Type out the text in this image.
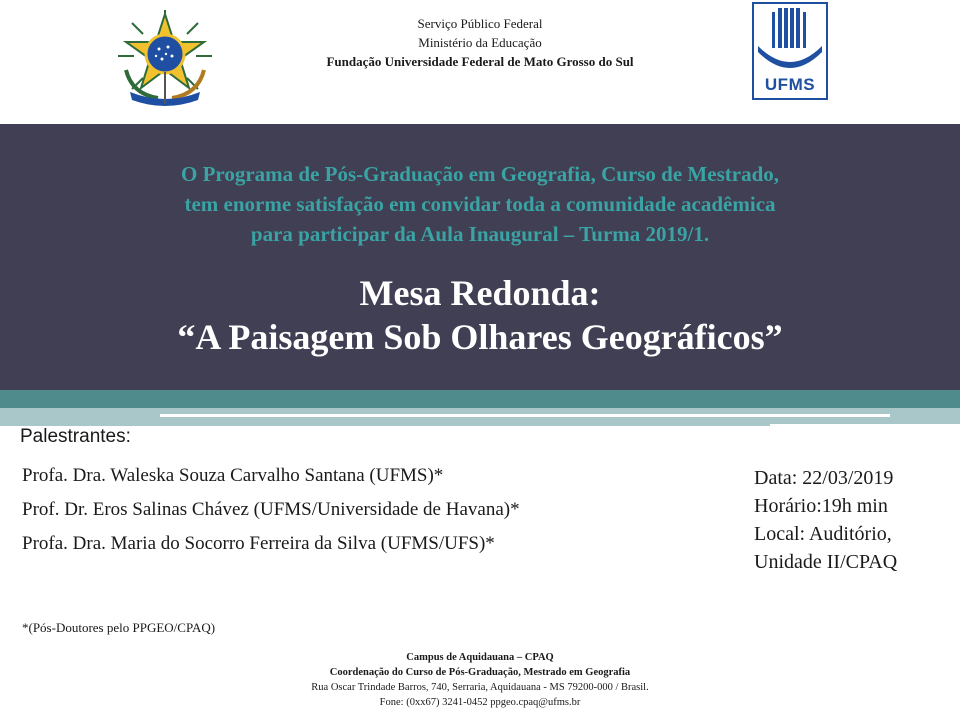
Serviço Público Federal
Ministério da Educação
Fundação Universidade Federal de Mato Grosso do Sul
UFMS
O Programa de Pós-Graduação em Geografia, Curso de Mestrado,
tem enorme satisfação em convidar toda a comunidade acadêmica
para participar da Aula Inaugural – Turma 2019/1.
Mesa Redonda:
“A Paisagem Sob Olhares Geográficos”
Palestrantes:
Profa. Dra. Waleska Souza Carvalho Santana (UFMS)*
Prof. Dr. Eros Salinas Chávez (UFMS/Universidade de Havana)*
Profa. Dra. Maria do Socorro Ferreira da Silva (UFMS/UFS)*
Data: 22/03/2019
Horário:19h min
Local: Auditório,
Unidade II/CPAQ
*(Pós-Doutores pelo PPGEO/CPAQ)
Campus de Aquidauana – CPAQ
Coordenação do Curso de Pós-Graduação, Mestrado em Geografia
Rua Oscar Trindade Barros, 740, Serraria, Aquidauana - MS 79200-000 / Brasil.
Fone: (0xx67) 3241-0452 ppgeo.cpaq@ufms.br
